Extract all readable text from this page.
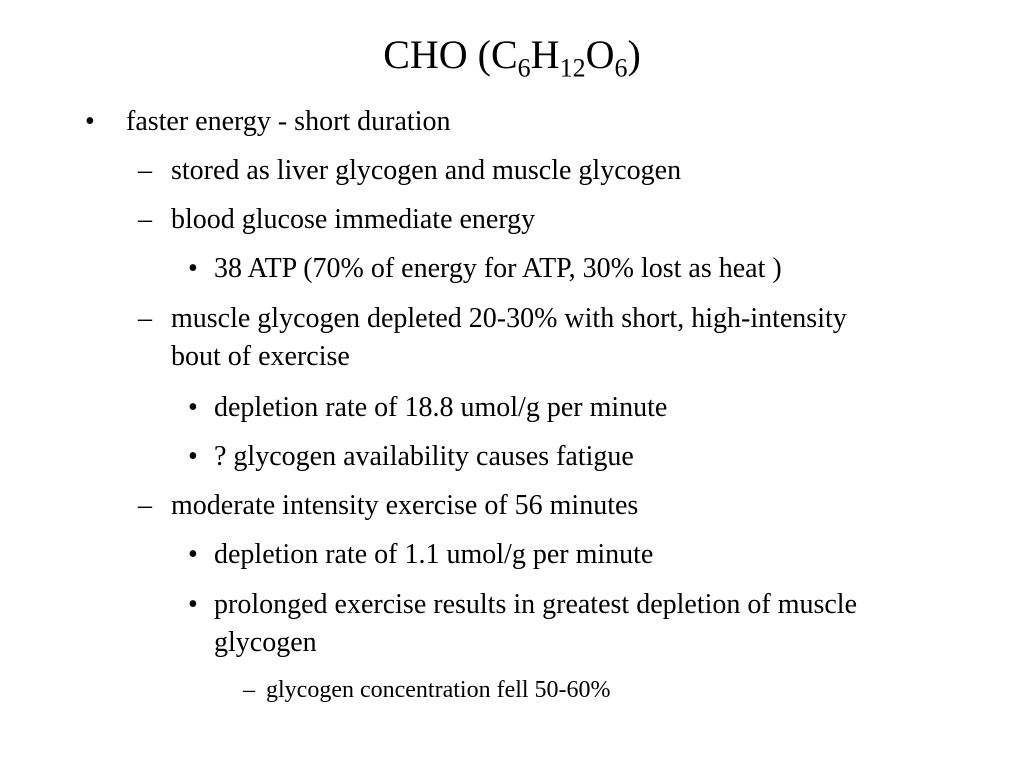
CHO $(C_6H_{12}O_6)$
•	faster energy - short duration
– stored as liver glycogen and muscle glycogen
– blood glucose immediate energy
• 38 ATP (70% of energy for ATP, 30% lost as heat )
– muscle glycogen depleted 20-30% with short, high-intensity bout of exercise
• depletion rate of 18.8 umol/g per minute
• ? glycogen availability causes fatigue
– moderate intensity exercise of 56 minutes
• depletion rate of 1.1 umol/g per minute
• prolonged exercise results in greatest depletion of muscle glycogen
– glycogen concentration fell 50-60%
